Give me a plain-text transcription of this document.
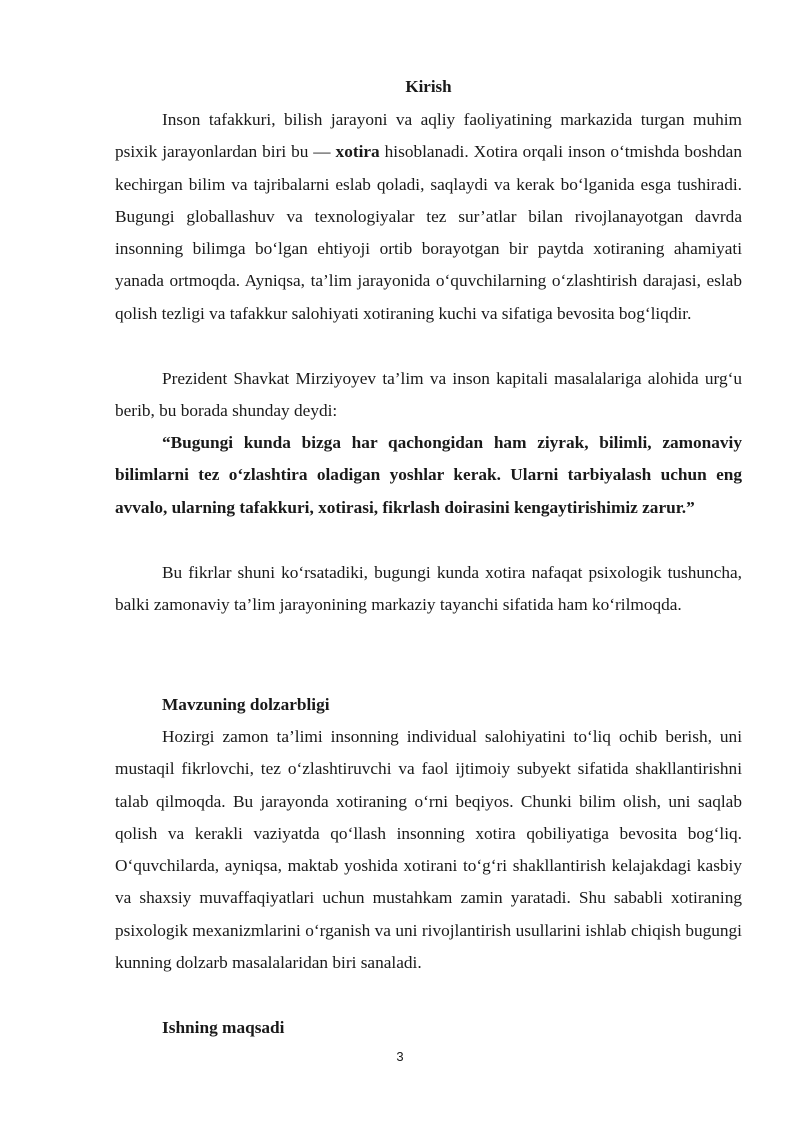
Kirish

Inson tafakkuri, bilish jarayoni va aqliy faoliyatining markazida turgan muhim psixik jarayonlardan biri bu — xotira hisoblanadi. Xotira orqali inson o‘tmishda boshdan kechirgan bilim va tajribalarni eslab qoladi, saqlaydi va kerak bo‘lganida esga tushiradi. Bugungi globallashuv va texnologiyalar tez sur’atlar bilan rivojlanayotgan davrda insonning bilimga bo‘lgan ehtiyoji ortib borayotgan bir paytda xotiraning ahamiyati yanada ortmoqda. Ayniqsa, ta’lim jarayonida o‘quvchilarning o‘zlashtirish darajasi, eslab qolish tezligi va tafakkur salohiyati xotiraning kuchi va sifatiga bevosita bog‘liqdir.

Prezident Shavkat Mirziyoyev ta’lim va inson kapitali masalalariga alohida urg‘u berib, bu borada shunday deydi:

“Bugungi kunda bizga har qachongidan ham ziyrak, bilimli, zamonaviy bilimlarni tez o‘zlashtira oladigan yoshlar kerak. Ularni tarbiyalash uchun eng avvalo, ularning tafakkuri, xotirasi, fikrlash doirasini kengaytirishimiz zarur.”

Bu fikrlar shuni ko‘rsatadiki, bugungi kunda xotira nafaqat psixologik tushuncha, balki zamonaviy ta’lim jarayonining markaziy tayanchi sifatida ham ko‘rilmoqda.

Mavzuning dolzarbligi

Hozirgi zamon ta’limi insonning individual salohiyatini to‘liq ochib berish, uni mustaqil fikrlovchi, tez o‘zlashtiruvchi va faol ijtimoiy subyekt sifatida shakllantirishni talab qilmoqda. Bu jarayonda xotiraning o‘rni beqiyos. Chunki bilim olish, uni saqlab qolish va kerakli vaziyatda qo‘llash insonning xotira qobiliyatiga bevosita bog‘liq. O‘quvchilarda, ayniqsa, maktab yoshida xotirani to‘g‘ri shakllantirish kelajakdagi kasbiy va shaxsiy muvaffaqiyatlari uchun mustahkam zamin yaratadi. Shu sababli xotiraning psixologik mexanizmlarini o‘rganish va uni rivojlantirish usullarini ishlab chiqish bugungi kunning dolzarb masalalaridan biri sanaladi.

Ishning maqsadi

3
